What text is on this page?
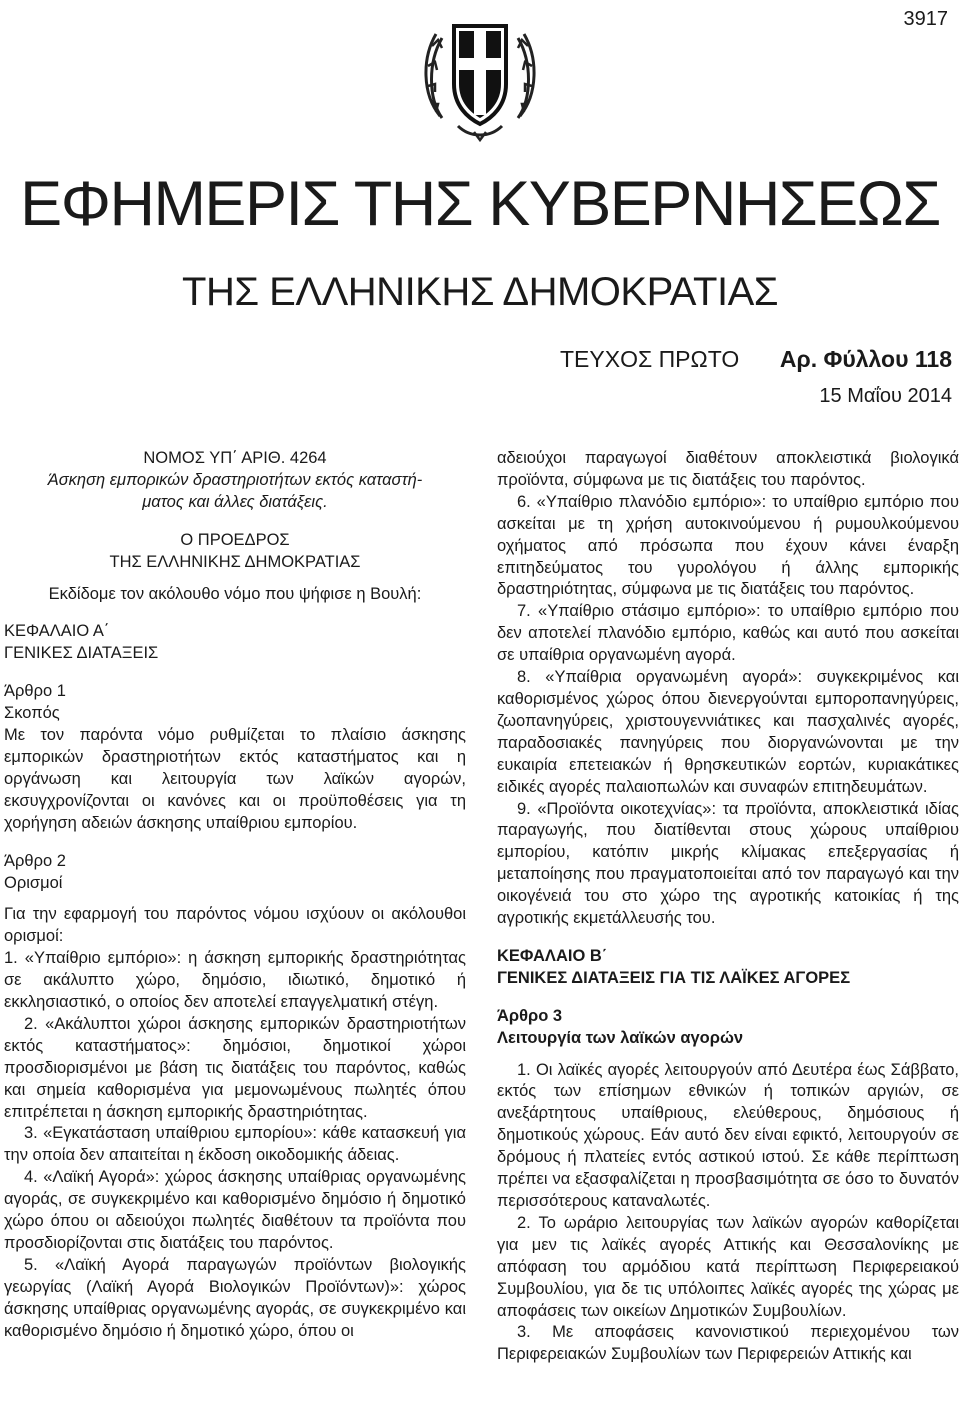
3917
ΕΦΗΜΕΡΙΣ ΤΗΣ ΚΥΒΕΡΝΗΣΕΩΣ
ΤΗΣ ΕΛΛΗΝΙΚΗΣ ΔΗΜΟΚΡΑΤΙΑΣ
ΤΕΥΧΟΣ ΠΡΩΤΟ Αρ. Φύλλου 118
15 Μαΐου 2014

ΝΟΜΟΣ ΥΠ΄ ΑΡΙΘ. 4264

Άσκηση εμπορικών δραστηριοτήτων εκτός καταστή-

ματος και άλλες διατάξεις.

Ο ΠΡΟΕΔΡΟΣ

ΤΗΣ ΕΛΛΗΝΙΚΗΣ ΔΗΜΟΚΡΑΤΙΑΣ

Εκδίδομε τον ακόλουθο νόμο που ψήφισε η Βουλή:

ΚΕΦΑΛΑΙΟ Α΄

ΓΕΝΙΚΕΣ ΔΙΑΤΑΞΕΙΣ

Άρθρο 1

Σκοπός

Με τον παρόντα νόμο ρυθμίζεται το πλαίσιο άσκησης εμπορικών δραστηριοτήτων εκτός καταστήματος και η οργάνωση και λειτουργία των λαϊκών αγορών, εκσυγχρονίζονται οι κανόνες και οι προϋποθέσεις για τη χορήγηση αδειών άσκησης υπαίθριου εμπορίου.

Άρθρο 2

Ορισμοί

Για την εφαρμογή του παρόντος νόμου ισχύουν οι ακόλουθοι ορισμοί:

1. «Υπαίθριο εμπόριο»: η άσκηση εμπορικής δραστηριότητας σε ακάλυπτο χώρο, δημόσιο, ιδιωτικό, δημοτικό ή εκκλησιαστικό, ο οποίος δεν αποτελεί επαγγελματική στέγη.

2. «Ακάλυπτοι χώροι άσκησης εμπορικών δραστηριοτήτων εκτός καταστήματος»: δημόσιοι, δημοτικοί χώροι προσδιορισμένοι με βάση τις διατάξεις του παρόντος, καθώς και σημεία καθορισμένα για μεμονωμένους πωλητές όπου επιτρέπεται η άσκηση εμπορικής δραστηριότητας.

3. «Εγκατάσταση υπαίθριου εμπορίου»: κάθε κατασκευή για την οποία δεν απαιτείται η έκδοση οικοδομικής άδειας.

4. «Λαϊκή Αγορά»: χώρος άσκησης υπαίθριας οργανωμένης αγοράς, σε συγκεκριμένο και καθορισμένο δημόσιο ή δημοτικό χώρο όπου οι αδειούχοι πωλητές διαθέτουν τα προϊόντα που προσδιορίζονται στις διατάξεις του παρόντος.

5. «Λαϊκή Αγορά παραγωγών προϊόντων βιολογικής γεωργίας (Λαϊκή Αγορά Βιολογικών Προϊόντων)»: χώρος άσκησης υπαίθριας οργανωμένης αγοράς, σε συγκεκριμένο και καθορισμένο δημόσιο ή δημοτικό χώρο, όπου οι

αδειούχοι παραγωγοί διαθέτουν αποκλειστικά βιολογικά προϊόντα, σύμφωνα με τις διατάξεις του παρόντος.

6. «Υπαίθριο πλανόδιο εμπόριο»: το υπαίθριο εμπόριο που ασκείται με τη χρήση αυτοκινούμενου ή ρυμουλκούμενου οχήματος από πρόσωπα που έχουν κάνει έναρξη επιτηδεύματος του γυρολόγου ή άλλης εμπορικής δραστηριότητας, σύμφωνα με τις διατάξεις του παρόντος.

7. «Υπαίθριο στάσιμο εμπόριο»: το υπαίθριο εμπόριο που δεν αποτελεί πλανόδιο εμπόριο, καθώς και αυτό που ασκείται σε υπαίθρια οργανωμένη αγορά.

8. «Υπαίθρια οργανωμένη αγορά»: συγκεκριμένος και καθορισμένος χώρος όπου διενεργούνται εμποροπανηγύρεις, ζωοπανηγύρεις, χριστουγεννιάτικες και πασχαλινές αγορές, παραδοσιακές πανηγύρεις που διοργανώνονται με την ευκαιρία επετειακών ή θρησκευτικών εορτών, κυριακάτικες ειδικές αγορές παλαιοπωλών και συναφών επιτηδευμάτων.

9. «Προϊόντα οικοτεχνίας»: τα προϊόντα, αποκλειστικά ιδίας παραγωγής, που διατίθενται στους χώρους υπαίθριου εμπορίου, κατόπιν μικρής κλίμακας επεξεργασίας ή μεταποίησης που πραγματοποιείται από τον παραγωγό και την οικογένειά του στο χώρο της αγροτικής κατοικίας ή της αγροτικής εκμετάλλευσής του.

ΚΕΦΑΛΑΙΟ Β΄

ΓΕΝΙΚΕΣ ΔΙΑΤΑΞΕΙΣ ΓΙΑ ΤΙΣ ΛΑΪΚΕΣ ΑΓΟΡΕΣ

Άρθρο 3

Λειτουργία των λαϊκών αγορών

1. Οι λαϊκές αγορές λειτουργούν από Δευτέρα έως Σάββατο, εκτός των επίσημων εθνικών ή τοπικών αργιών, σε ανεξάρτητους υπαίθριους, ελεύθερους, δημόσιους ή δημοτικούς χώρους. Εάν αυτό δεν είναι εφικτό, λειτουργούν σε δρόμους ή πλατείες εντός αστικού ιστού. Σε κάθε περίπτωση πρέπει να εξασφαλίζεται η προσβασιμότητα σε όσο το δυνατόν περισσότερους καταναλωτές.

2. Το ωράριο λειτουργίας των λαϊκών αγορών καθορίζεται για μεν τις λαϊκές αγορές Αττικής και Θεσσαλονίκης με απόφαση του αρμόδιου κατά περίπτωση Περιφερειακού Συμβουλίου, για δε τις υπόλοιπες λαϊκές αγορές της χώρας με αποφάσεις των οικείων Δημοτικών Συμβουλίων.

3. Με αποφάσεις κανονιστικού περιεχομένου των Περιφερειακών Συμβουλίων των Περιφερειών Αττικής και
